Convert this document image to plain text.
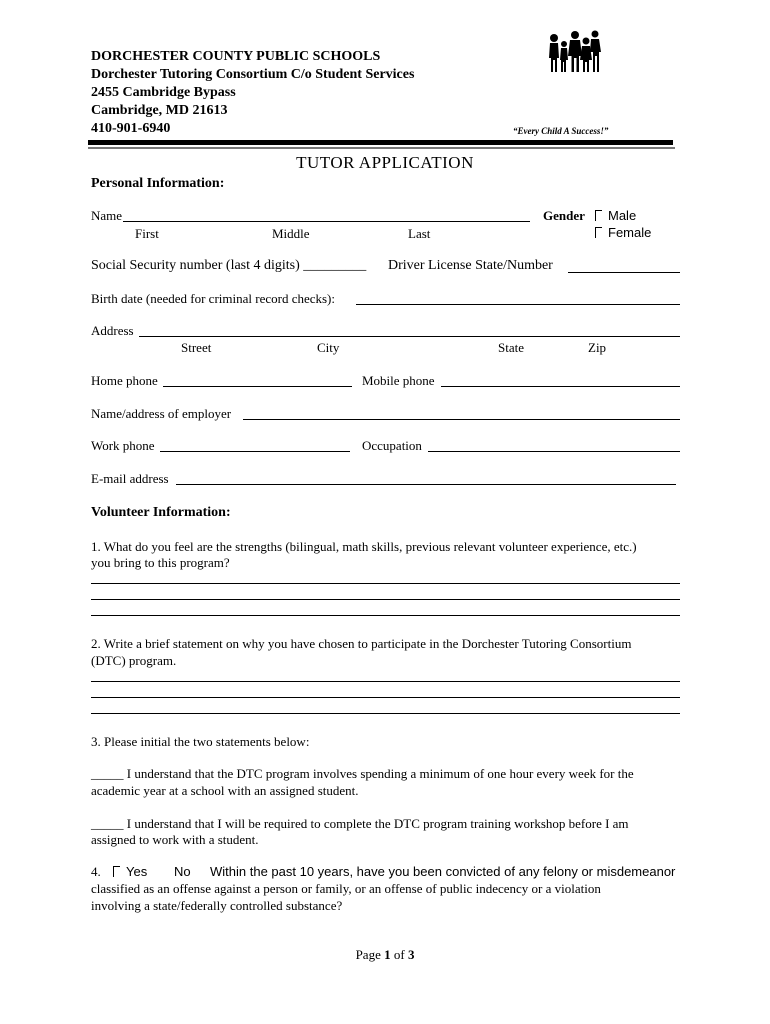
DORCHESTER COUNTY PUBLIC SCHOOLS
Dorchester Tutoring Consortium C/o Student Services
2455 Cambridge Bypass
Cambridge, MD 21613
410-901-6940	“Every Child A Success!”
TUTOR APPLICATION
Personal Information:
Name	Gender	Male
Female
First	Middle	Last
Social Security number (last 4 digits) _________ Driver License State/Number
Birth date (needed for criminal record checks):
Address
Street	City	State	Zip
Home phone	Mobile phone
Name/address of employer
Work phone	Occupation
E-mail address
Volunteer Information:
1. What do you feel are the strengths (bilingual, math skills, previous relevant volunteer experience, etc.)
you bring to this program?
2. Write a brief statement on why you have chosen to participate in the Dorchester Tutoring Consortium
(DTC) program.
3. Please initial the two statements below:
_____ I understand that the DTC program involves spending a minimum of one hour every week for the
academic year at a school with an assigned student.
_____ I understand that I will be required to complete the DTC program training workshop before I am
assigned to work with a student.
4.	Yes No Within the past 10 years, have you been convicted of any felony or misdemeanor
classified as an offense against a person or family, or an offense of public indecency or a violation
involving a state/federally controlled substance?
Page 1 of 3
